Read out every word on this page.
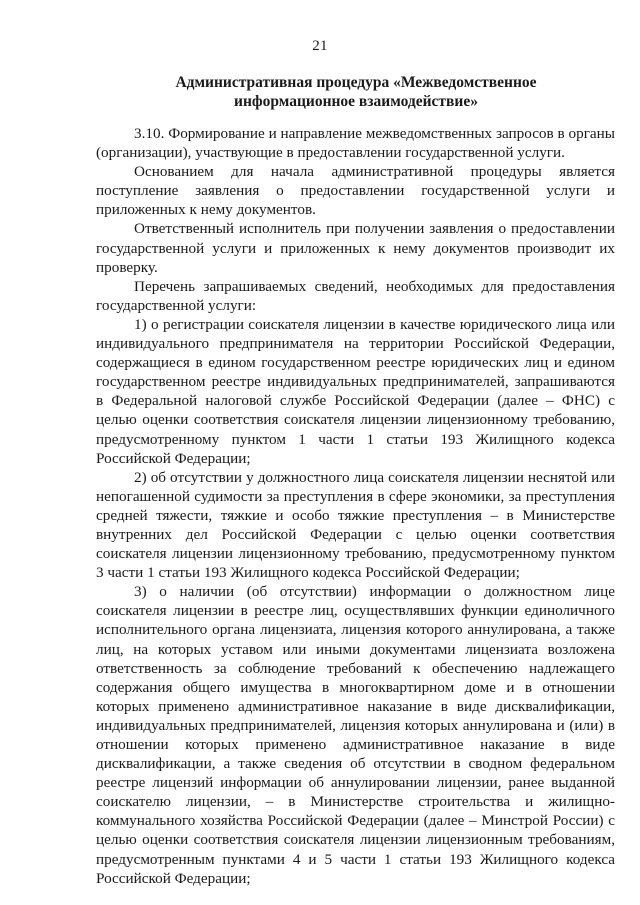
21
Административная процедура «Межведомственное
информационное взаимодействие»

3.10. Формирование и направление межведомственных запросов в органы (организации), участвующие в предоставлении государственной услуги.

Основанием для начала административной процедуры является поступление заявления о предоставлении государственной услуги и приложенных к нему документов.

Ответственный исполнитель при получении заявления о предоставлении государственной услуги и приложенных к нему документов производит их проверку.

Перечень запрашиваемых сведений, необходимых для предоставления государственной услуги:

1) о регистрации соискателя лицензии в качестве юридического лица или индивидуального предпринимателя на территории Российской Федерации, содержащиеся в едином государственном реестре юридических лиц и едином государственном реестре индивидуальных предпринимателей, запрашиваются в Федеральной налоговой службе Российской Федерации (далее – ФНС) с целью оценки соответствия соискателя лицензии лицензионному требованию, предусмотренному пунктом 1 части 1 статьи 193 Жилищного кодекса Российской Федерации;

2) об отсутствии у должностного лица соискателя лицензии неснятой или непогашенной судимости за преступления в сфере экономики, за преступления средней тяжести, тяжкие и особо тяжкие преступления – в Министерстве внутренних дел Российской Федерации с целью оценки соответствия соискателя лицензии лицензионному требованию, предусмотренному пунктом 3 части 1 статьи 193 Жилищного кодекса Российской Федерации;

3) о наличии (об отсутствии) информации о должностном лице соискателя лицензии в реестре лиц, осуществлявших функции единоличного исполнительного органа лицензиата, лицензия которого аннулирована, а также лиц, на которых уставом или иными документами лицензиата возложена ответственность за соблюдение требований к обеспечению надлежащего содержания общего имущества в многоквартирном доме и в отношении которых применено административное наказание в виде дисквалификации, индивидуальных предпринимателей, лицензия которых аннулирована и (или) в отношении которых применено административное наказание в виде дисквалификации, а также сведения об отсутствии в сводном федеральном реестре лицензий информации об аннулировании лицензии, ранее выданной соискателю лицензии, – в Министерстве строительства и жилищно-коммунального хозяйства Российской Федерации (далее – Минстрой России) с целью оценки соответствия соискателя лицензии лицензионным требованиям, предусмотренным пунктами 4 и 5 части 1 статьи 193 Жилищного кодекса Российской Федерации;
